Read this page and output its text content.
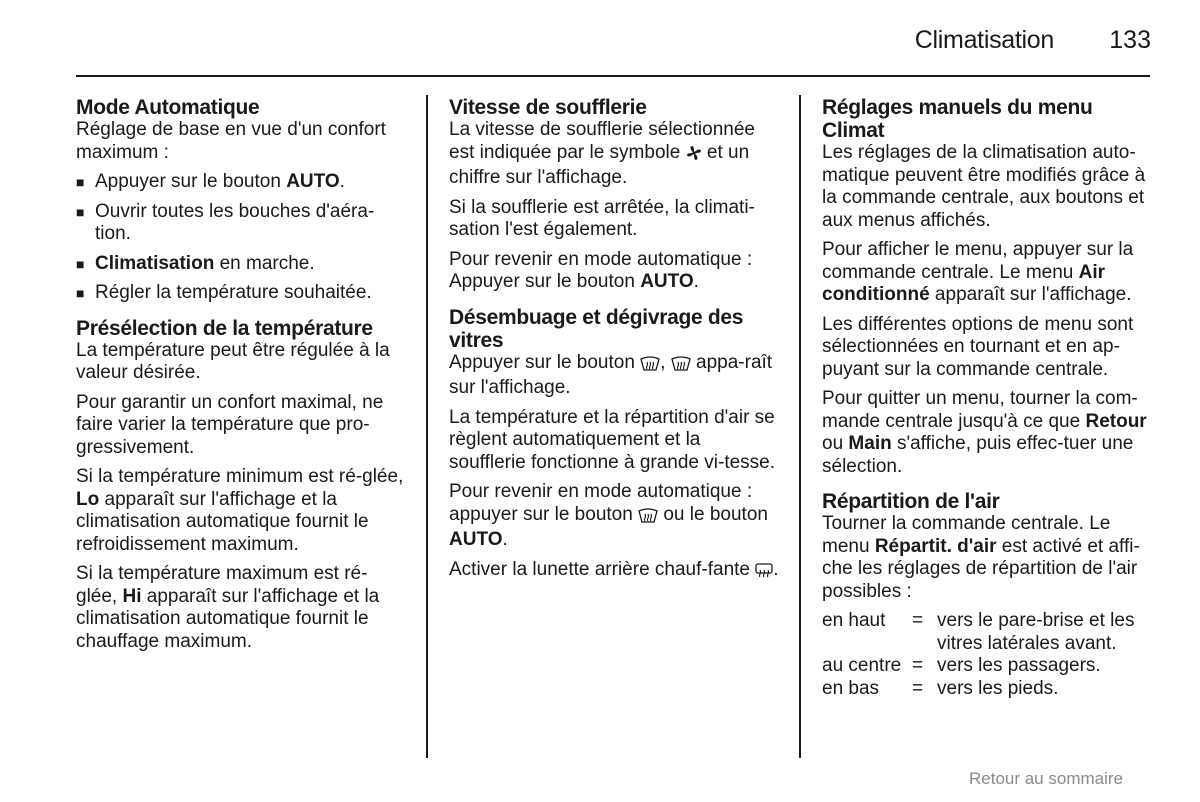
Climatisation	133
Mode Automatique

Réglage de base en vue d'un confort maximum :

■ Appuyer sur le bouton AUTO.
■ Ouvrir toutes les bouches d'aéra-tion.
■ Climatisation en marche.
■ Régler la température souhaitée.
Présélection de la température

La température peut être régulée à la valeur désirée.

Pour garantir un confort maximal, ne faire varier la température que pro-gressivement.

Si la température minimum est ré-glée, Lo apparaît sur l'affichage et la climatisation automatique fournit le refroidissement maximum.

Si la température maximum est ré-glée, Hi apparaît sur l'affichage et la climatisation automatique fournit le chauffage maximum.

Vitesse de soufflerie

La vitesse de soufflerie sélectionnée est indiquée par le symbole  et un chiffre sur l'affichage.

Si la soufflerie est arrêtée, la climati-sation l'est également.

Pour revenir en mode automatique : Appuyer sur le bouton AUTO.

Désembuage et dégivrage des vitres

Appuyer sur le bouton ,  appa-raît sur l'affichage.

La température et la répartition d'air se règlent automatiquement et la soufflerie fonctionne à grande vi-tesse.

Pour revenir en mode automatique : appuyer sur le bouton  ou le bouton AUTO.

Activer la lunette arrière chauf-fante .

Réglages manuels du menu Climat

Les réglages de la climatisation auto-matique peuvent être modifiés grâce à la commande centrale, aux boutons et aux menus affichés.

Pour afficher le menu, appuyer sur la commande centrale. Le menu Air conditionné apparaît sur l'affichage.

Les différentes options de menu sont sélectionnées en tournant et en ap-puyant sur la commande centrale.

Pour quitter un menu, tourner la com-mande centrale jusqu'à ce que Retour ou Main s'affiche, puis effec-tuer une sélection.

Répartition de l'air

Tourner la commande centrale. Le menu Répartit. d'air est activé et affi-che les réglages de répartition de l'air possibles :

en haut	= vers le pare-brise et les vitres latérales avant.
au centre = vers les passagers.
en bas	= vers les pieds.
Retour au sommaire
